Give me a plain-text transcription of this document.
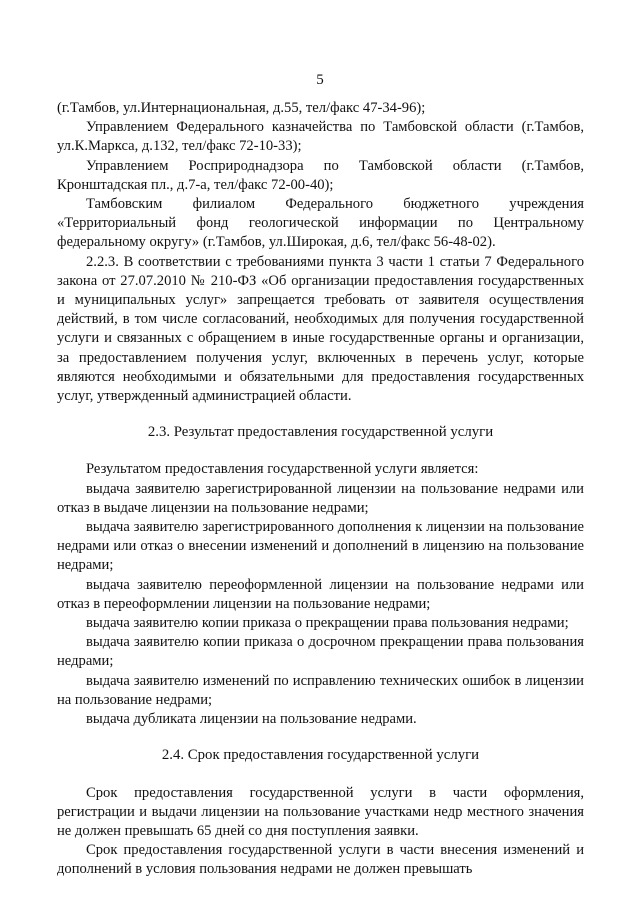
5

(г.Тамбов, ул.Интернациональная, д.55, тел/факс 47-34-96);

Управлением Федерального казначейства по Тамбовской области (г.Тамбов, ул.К.Маркса, д.132, тел/факс 72-10-33);

Управлением Росприроднадзора по Тамбовской области (г.Тамбов, Кронштадская пл., д.7-а, тел/факс 72-00-40);

Тамбовским филиалом Федерального бюджетного учреждения «Территориальный фонд геологической информации по Центральному федеральному округу» (г.Тамбов, ул.Широкая, д.6, тел/факс 56-48-02).

2.2.3. В соответствии с требованиями пункта 3 части 1 статьи 7 Федерального закона от 27.07.2010 № 210-ФЗ «Об организации предоставления государственных и муниципальных услуг» запрещается требовать от заявителя осуществления действий, в том числе согласований, необходимых для получения государственной услуги и связанных с обращением в иные государственные органы и организации, за предоставлением получения услуг, включенных в перечень услуг, которые являются необходимыми и обязательными для предоставления государственных услуг, утвержденный администрацией области.

2.3. Результат предоставления государственной услуги

Результатом предоставления государственной услуги является:

выдача заявителю зарегистрированной лицензии на пользование недрами или отказ в выдаче лицензии на пользование недрами;

выдача заявителю зарегистрированного дополнения к лицензии на пользование недрами или отказ о внесении изменений и дополнений в лицензию на пользование недрами;

выдача заявителю переоформленной лицензии на пользование недрами или отказ в переоформлении лицензии на пользование недрами;

выдача заявителю копии приказа о прекращении права пользования недрами;

выдача заявителю копии приказа о досрочном прекращении права пользования недрами;

выдача заявителю изменений по исправлению технических ошибок в лицензии на пользование недрами;

выдача дубликата лицензии на пользование недрами.

2.4. Срок предоставления государственной услуги

Срок предоставления государственной услуги в части оформления, регистрации и выдачи лицензии на пользование участками недр местного значения не должен превышать 65 дней со дня поступления заявки.

Срок предоставления государственной услуги в части внесения изменений и дополнений в условия пользования недрами не должен превышать
